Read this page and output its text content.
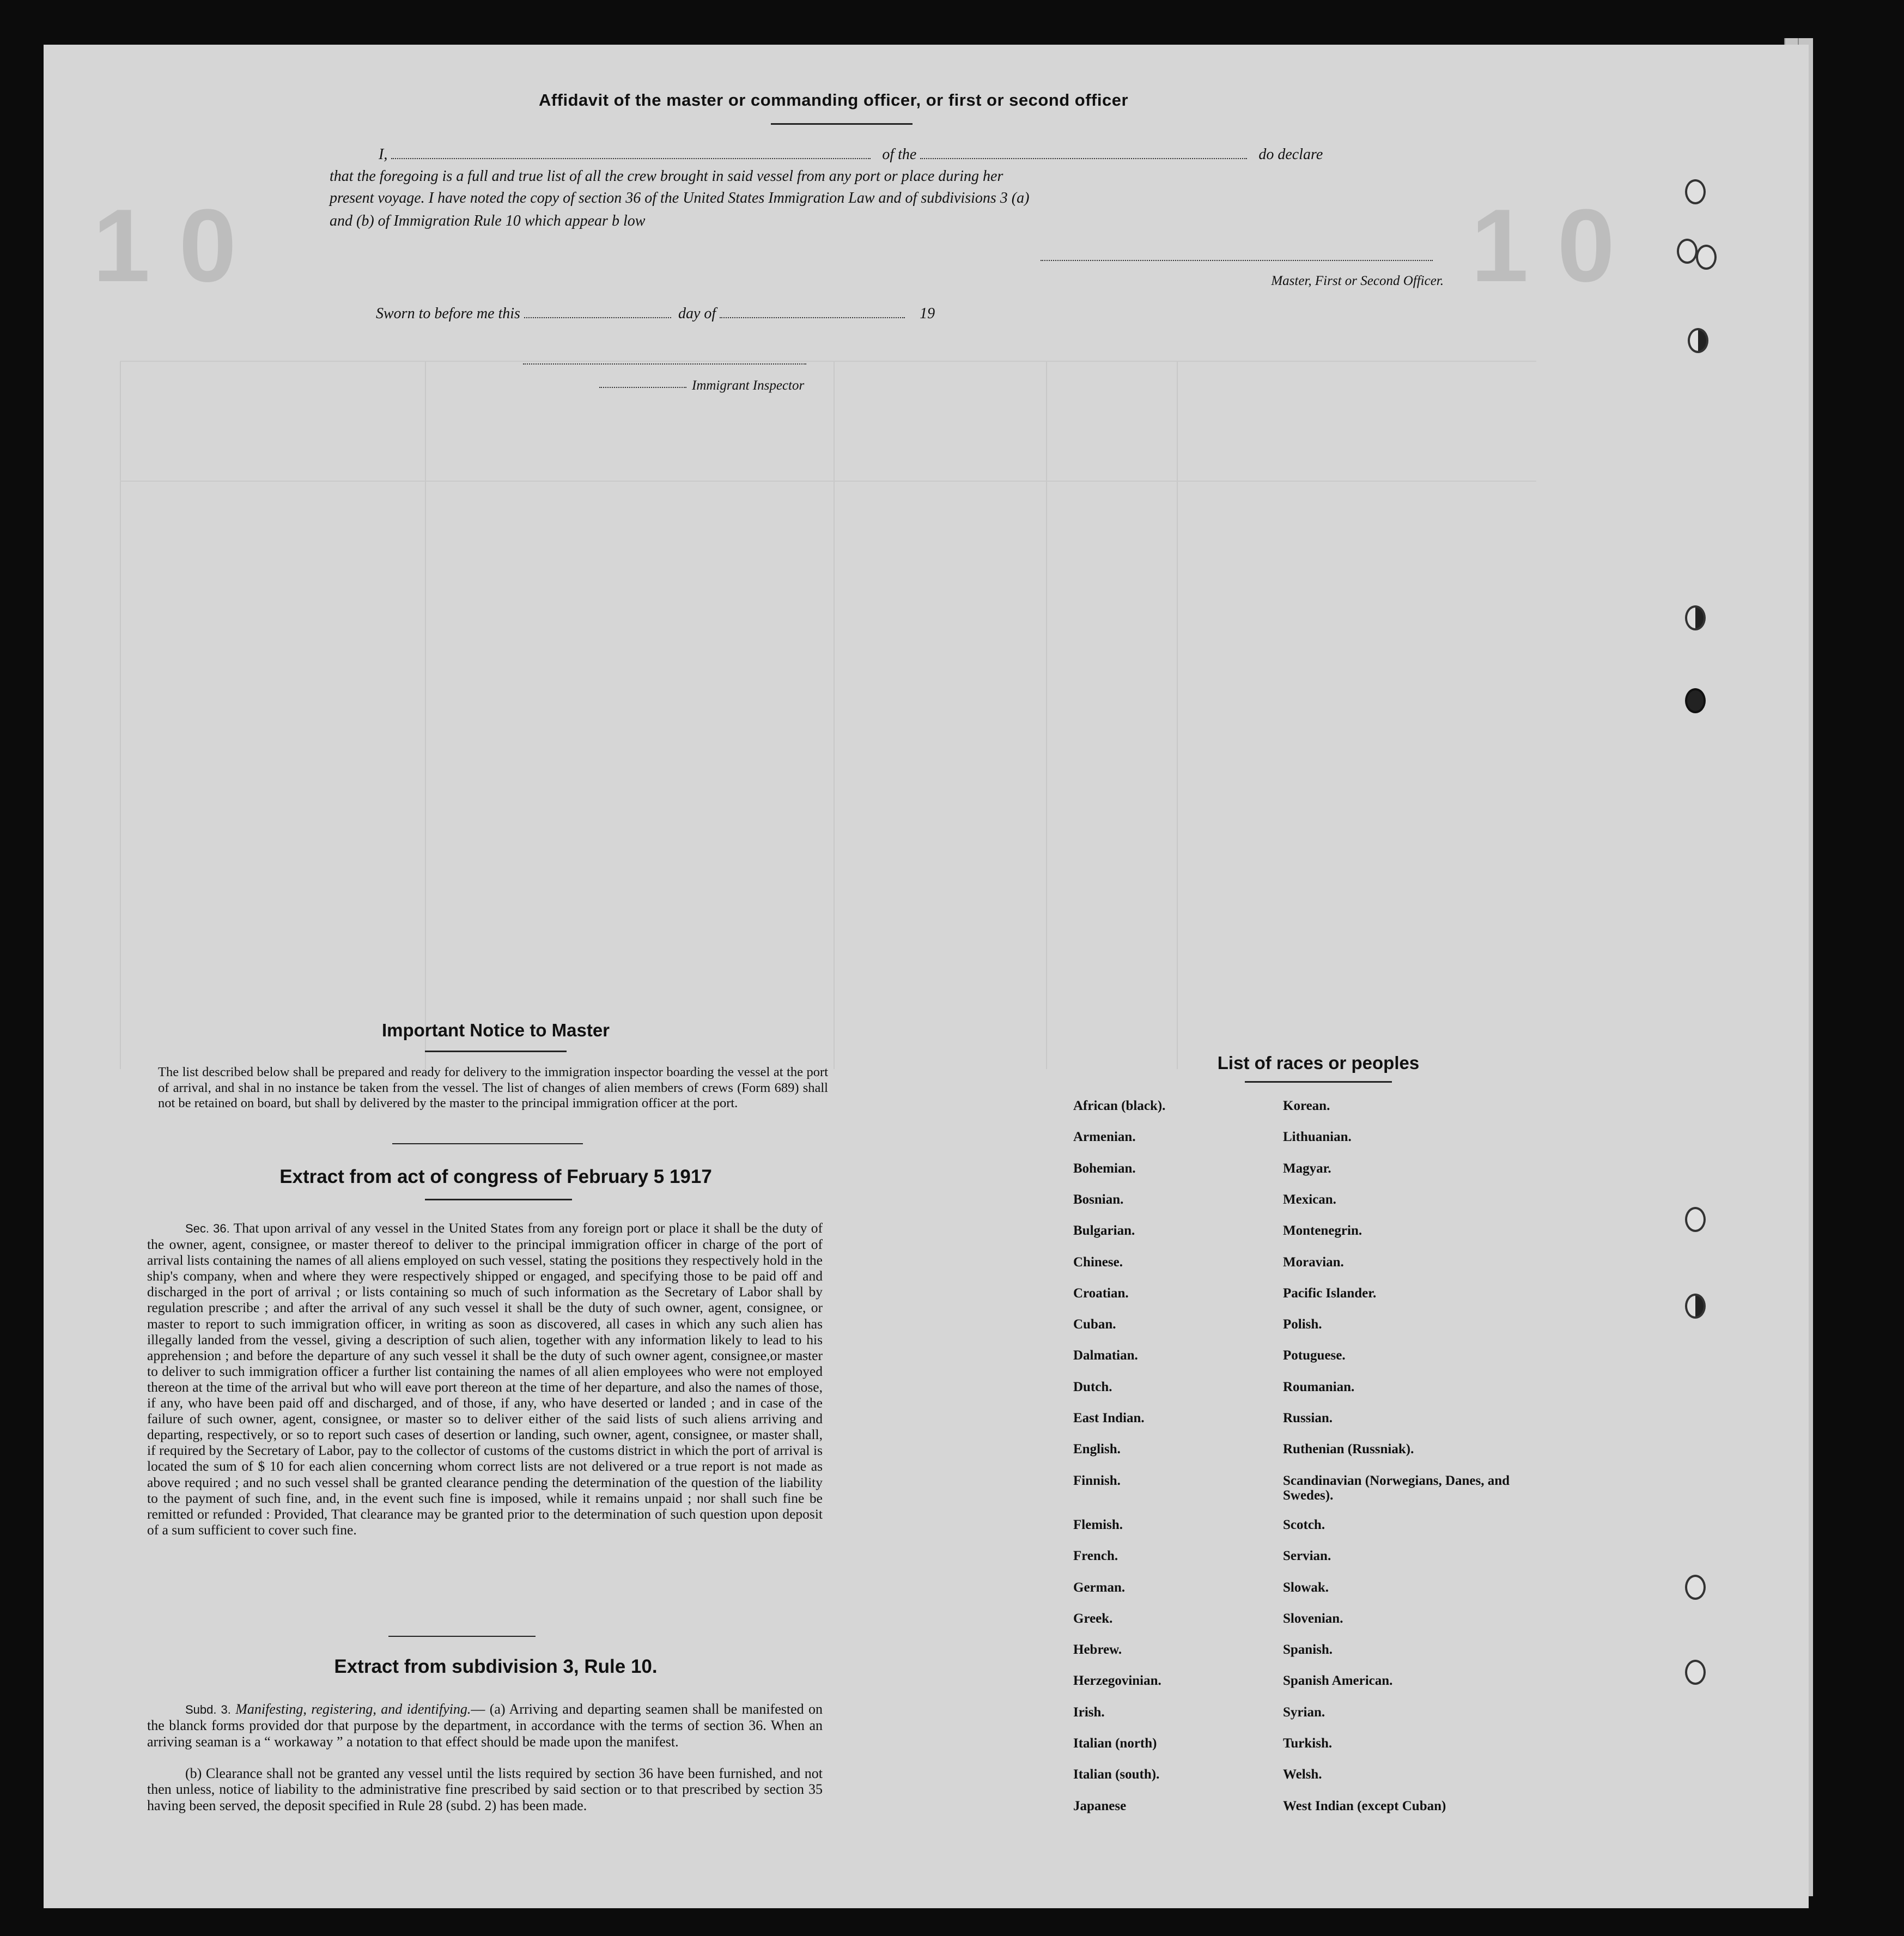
1 0	1 0
Affidavit of the master or commanding officer, or first or second officer
I,	of the	do declare
that the foregoing is a full and true list of all the crew brought in said vessel from any port or place during her
present voyage. I have noted the copy of section 36 of the United States Immigration Law and of subdivisions 3 (a)
and (b) of Immigration Rule 10 which appear b low
Master, First or Second Officer.
Sworn to before me this	day of	19
Immigrant Inspector
Important Notice to Master
The list described below shall be prepared and ready for delivery to the immigration inspector boarding the vessel at the port of arrival, and shal in no instance be taken from the vessel. The list of changes of alien members of crews (Form 689) shall not be retained on board, but shall by delivered by the master to the principal immigration officer at the port.
Extract from act of congress of February 5 1917
Sec. 36. That upon arrival of any vessel in the United States from any foreign port or place it shall be the duty of the owner, agent, consignee, or master thereof to deliver to the principal immigration officer in charge of the port of arrival lists containing the names of all aliens employed on such vessel, stating the positions they respectively hold in the ship's company, when and where they were respectively shipped or engaged, and specifying those to be paid off and discharged in the port of arrival ; or lists containing so much of such information as the Secretary of Labor shall by regulation prescribe ; and after the arrival of any such vessel it shall be the duty of such owner, agent, consignee, or master to report to such immigration officer, in writing as soon as discovered, all cases in which any such alien has illegally landed from the vessel, giving a description of such alien, together with any information likely to lead to his apprehension ; and before the departure of any such vessel it shall be the duty of such owner agent, consignee,or master to deliver to such immigration officer a further list containing the names of all alien employees who were not employed thereon at the time of the arrival but who will eave port thereon at the time of her departure, and also the names of those, if any, who have been paid off and discharged, and of those, if any, who have deserted or landed ; and in case of the failure of such owner, agent, consignee, or master so to deliver either of the said lists of such aliens arriving and departing, respectively, or so to report such cases of desertion or landing, such owner, agent, consignee, or master shall, if required by the Secretary of Labor, pay to the collector of customs of the customs district in which the port of arrival is located the sum of $ 10 for each alien concerning whom correct lists are not delivered or a true report is not made as above required ; and no such vessel shall be granted clearance pending the determination of the question of the liability to the payment of such fine, and, in the event such fine is imposed, while it remains unpaid ; nor shall such fine be remitted or refunded : Provided, That clearance may be granted prior to the determination of such question upon deposit of a sum sufficient to cover such fine.
Extract from subdivision 3, Rule 10.
Subd. 3. Manifesting, registering, and identifying.— (a) Arriving and departing seamen shall be manifested on the blanck forms provided dor that purpose by the department, in accordance with the terms of section 36. When an arriving seaman is a “ workaway ” a notation to that effect should be made upon the manifest.
(b) Clearance shall not be granted any vessel until the lists required by section 36 have been furnished, and not then unless, notice of liability to the administrative fine prescribed by said section or to that prescribed by section 35 having been served, the deposit specified in Rule 28 (subd. 2) has been made.
List of races or peoples
African (black).
Armenian.
Bohemian.
Bosnian.
Bulgarian.
Chinese.
Croatian.
Cuban.
Dalmatian.
Dutch.
East Indian.
English.
Finnish.
Flemish.
French.
German.
Greek.
Hebrew.
Herzegovinian.
Irish.
Italian (north)
Italian (south).
Japanese
Korean.
Lithuanian.
Magyar.
Mexican.
Montenegrin.
Moravian.
Pacific Islander.
Polish.
Potuguese.
Roumanian.
Russian.
Ruthenian (Russniak).
Scandinavian (Norwegians, Danes, and Swedes).
Scotch.
Servian.
Slowak.
Slovenian.
Spanish.
Spanish American.
Syrian.
Turkish.
Welsh.
West Indian (except Cuban)
